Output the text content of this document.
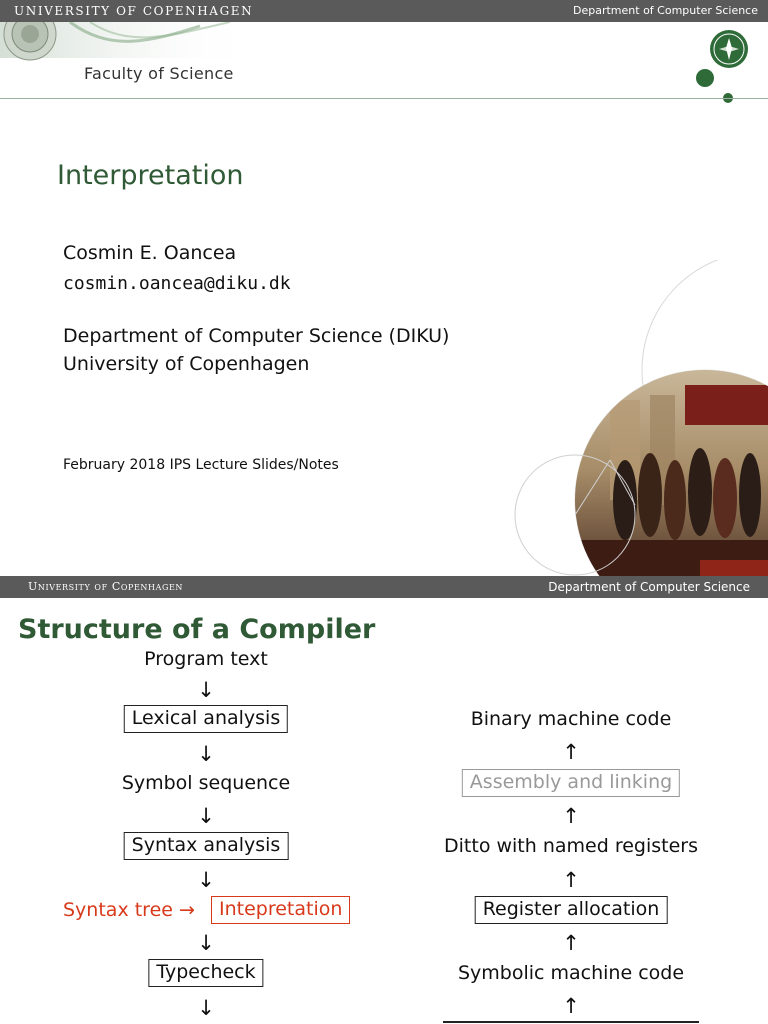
UNIVERSITY OF COPENHAGEN	Department of Computer Science
Faculty of Science
Interpretation
Cosmin E. Oancea
cosmin.oancea@diku.dk
Department of Computer Science (DIKU)
University of Copenhagen
February 2018 IPS Lecture Slides/Notes
University of Copenhagen	Department of Computer Science
Structure of a Compiler
Program text
↓
Lexical analysis
↓
Symbol sequence
↓
Syntax analysis
↓
Syntax tree →	Intepretation
↓
Typecheck
↓
Binary machine code
↑
Assembly and linking
↑
Ditto with named registers
↑
Register allocation
↑
Symbolic machine code
↑
